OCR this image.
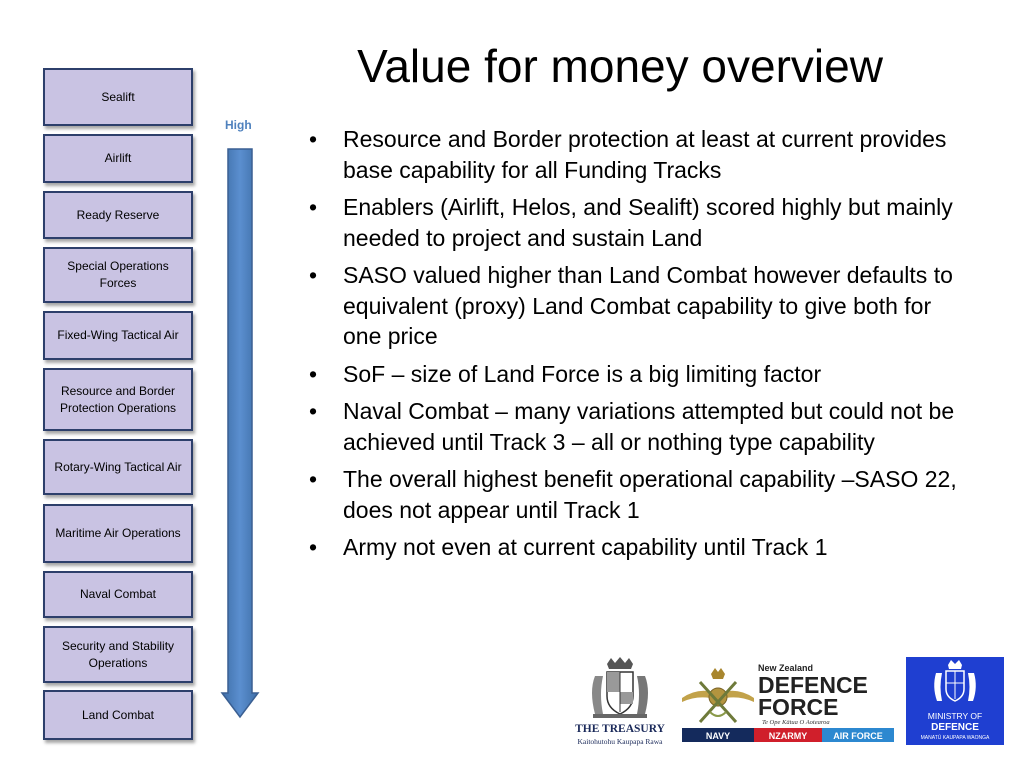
Value for money overview
Sealift
Airlift
Ready Reserve
Special Operations Forces
Fixed-Wing Tactical Air
Resource and Border Protection Operations
Rotary-Wing Tactical Air
Maritime Air Operations
Naval Combat
Security and Stability Operations
Land Combat
High
• Resource and Border protection at least at current provides base capability for all Funding Tracks
• Enablers (Airlift, Helos, and Sealift) scored highly but mainly needed to project and sustain Land
• SASO valued higher than Land Combat however defaults to equivalent (proxy) Land Combat capability to give both for one price
• SoF – size of Land Force is a big limiting factor
• Naval Combat – many variations attempted but could not be achieved until Track 3 – all or nothing type capability
• The overall highest benefit operational capability –SASO 22, does not appear until Track 1
• Army not even at current capability until Track 1
THE TREASURY
Kaitohutohu Kaupapa Rawa
New Zealand
DEFENCE
FORCE
Te Ope Kātua O Aotearoa
NAVY	NZARMY	AIR FORCE
MINISTRY OF
DEFENCE
MANATŪ KAUPAPA WAONGA
